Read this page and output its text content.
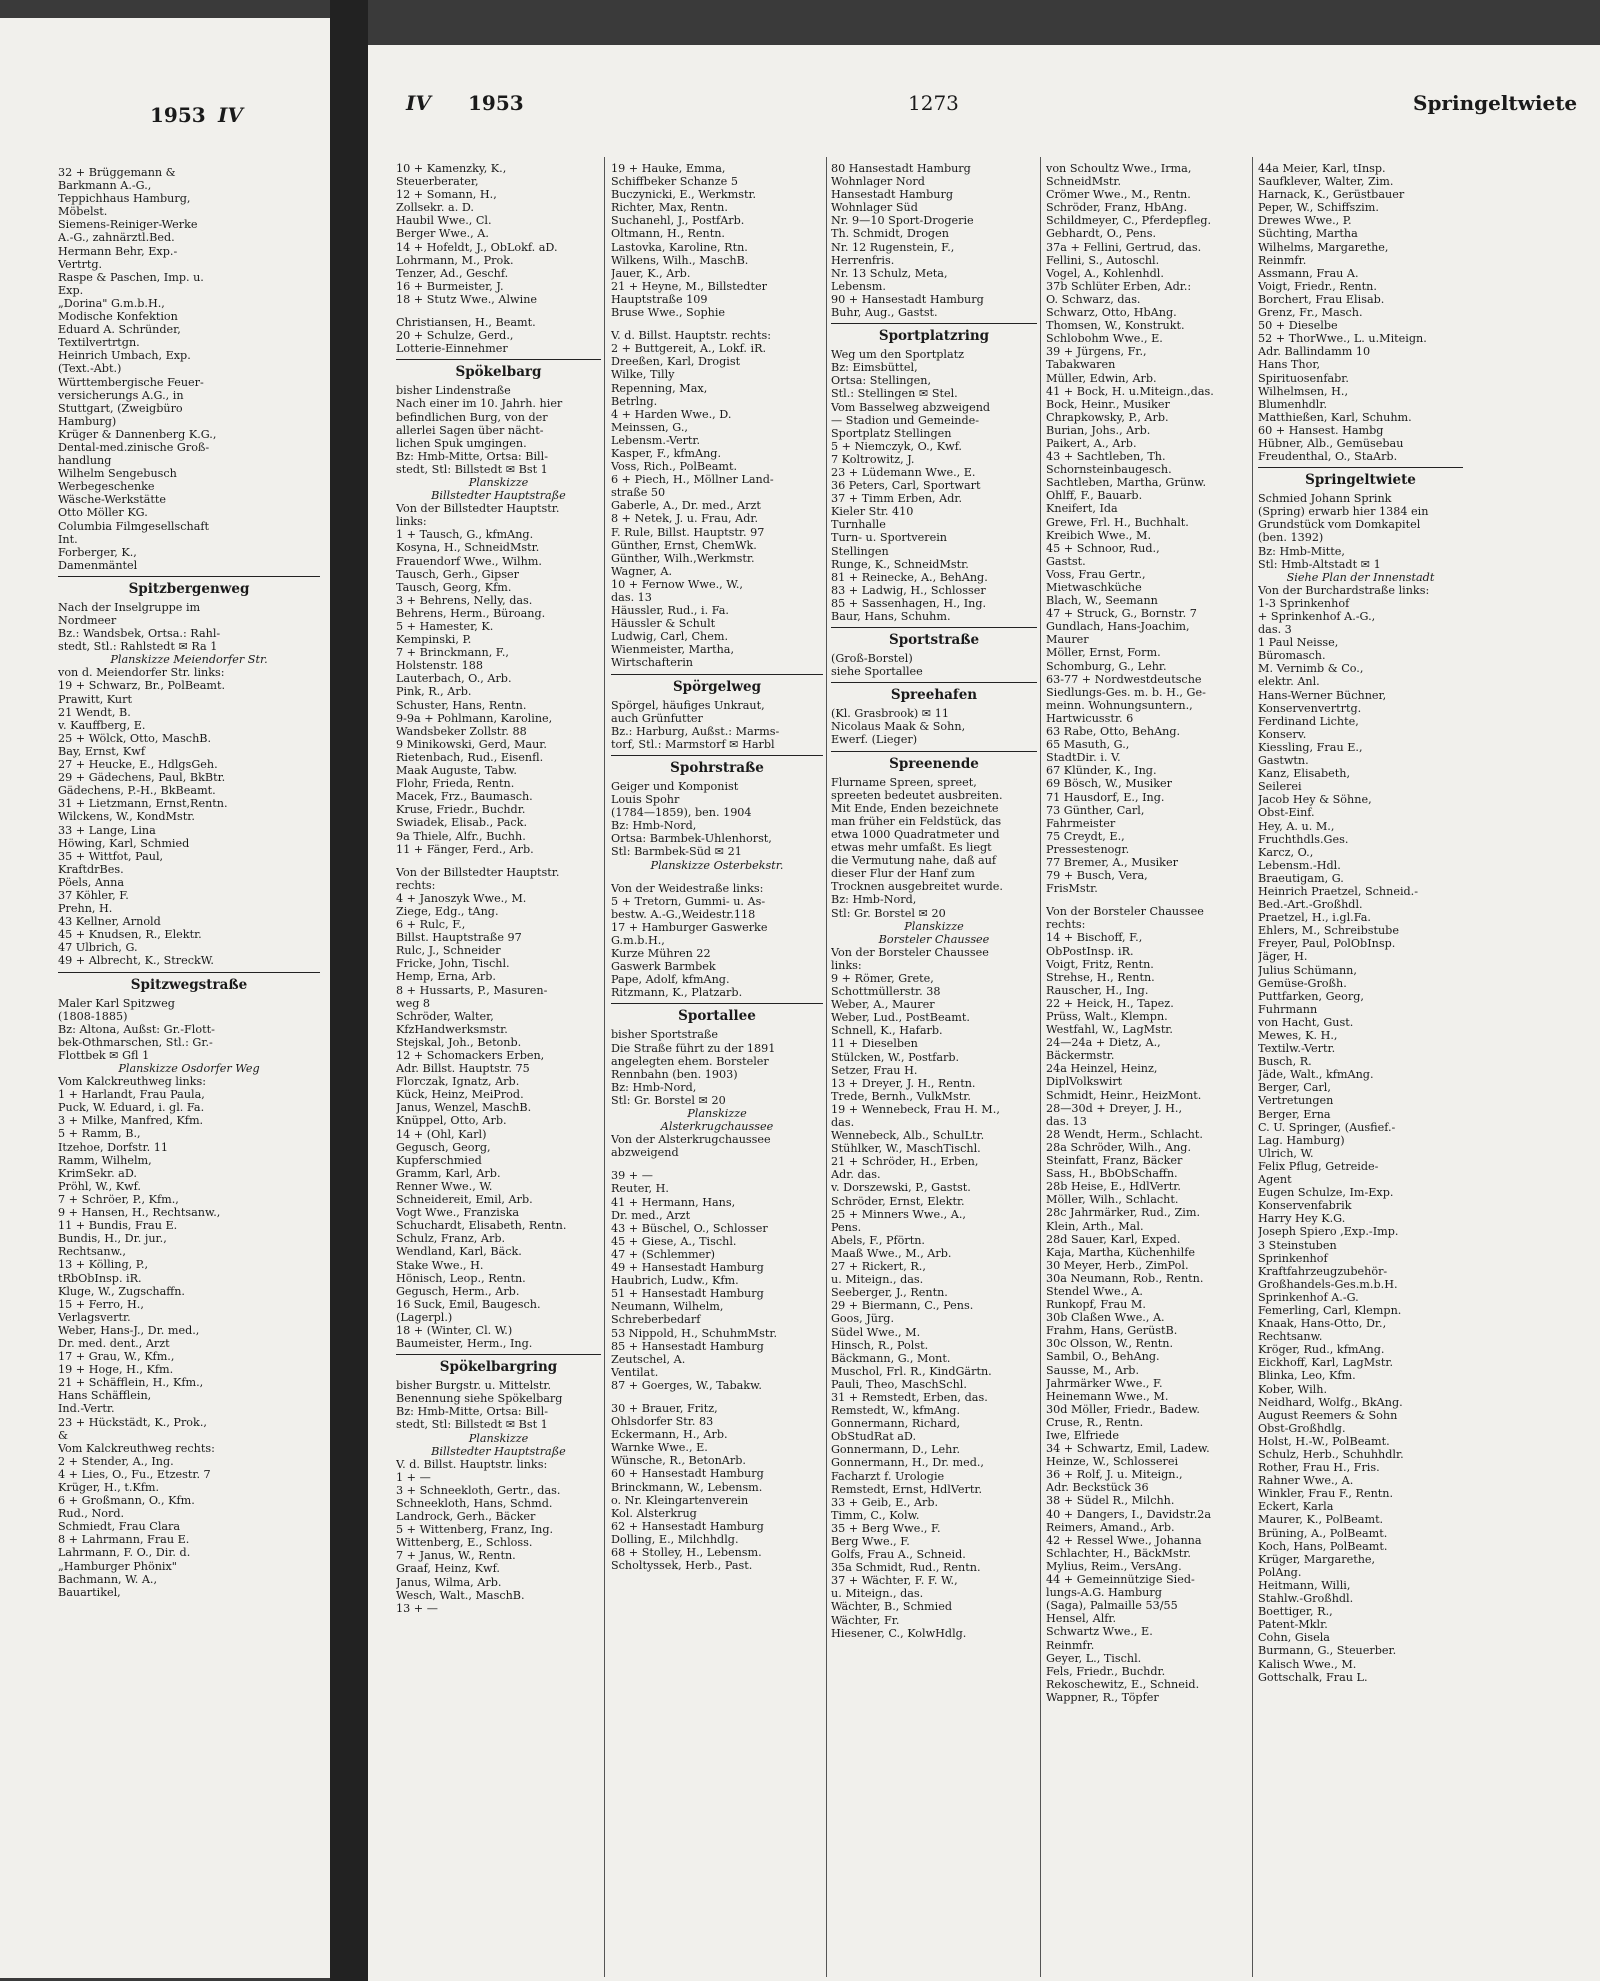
1953 IV
32 + Brüggemann &
Barkmann A.-G.,
Teppichhaus Hamburg,
Möbelst.
Siemens-Reiniger-Werke
A.-G., zahnärztl.Bed.
Hermann Behr, Exp.-
Vertrtg.
Raspe & Paschen, Imp. u.
Exp.
„Dorina" G.m.b.H.,
Modische Konfektion
Eduard A. Schründer,
Textilvertrtgn.
Heinrich Umbach, Exp.
(Text.-Abt.)
Württembergische Feuer-
versicherungs A.G., in
Stuttgart, (Zweigbüro
Hamburg)
Krüger & Dannenberg K.G.,
Dental-med.zinische Groß-
handlung
Wilhelm Sengebusch
Werbegeschenke
Wäsche-Werkstätte
Otto Möller KG.
Columbia Filmgesellschaft
Int.
Forberger, K.,
Damenmäntel
Spitzbergenweg
Nach der Inselgruppe im
Nordmeer
Bz.: Wandsbek, Ortsa.: Rahl-
stedt, Stl.: Rahlstedt ✉ Ra 1
Planskizze Meiendorfer Str.
von d. Meiendorfer Str. links:
19 + Schwarz, Br., PolBeamt.
Prawitt, Kurt
21 Wendt, B.
v. Kauffberg, E.
25 + Wölck, Otto, MaschB.
Bay, Ernst, Kwf
27 + Heucke, E., HdlgsGeh.
29 + Gädechens, Paul, BkBtr.
Gädechens, P.-H., BkBeamt.
31 + Lietzmann, Ernst,Rentn.
Wilckens, W., KondMstr.
33 + Lange, Lina
Höwing, Karl, Schmied
35 + Wittfot, Paul,
KraftdrBes.
Pöels, Anna
37 Köhler, F.
Prehn, H.
43 Kellner, Arnold
45 + Knudsen, R., Elektr.
47 Ulbrich, G.
49 + Albrecht, K., StreckW.
Spitzwegstraße
Maler Karl Spitzweg
(1808-1885)
Bz: Altona, Außst: Gr.-Flott-
bek-Othmarschen, Stl.: Gr.-
Flottbek ✉ Gfl 1
Planskizze Osdorfer Weg
Vom Kalckreuthweg links:
1 + Harlandt, Frau Paula,
Puck, W. Eduard, i. gl. Fa.
3 + Milke, Manfred, Kfm.
5 + Ramm, B.,
Itzehoe, Dorfstr. 11
Ramm, Wilhelm,
KrimSekr. aD.
Pröhl, W., Kwf.
7 + Schröer, P., Kfm.,
9 + Hansen, H., Rechtsanw.,
11 + Bundis, Frau E.
Bundis, H., Dr. jur.,
Rechtsanw.,
13 + Kölling, P.,
tRbObInsp. iR.
Kluge, W., Zugschaffn.
15 + Ferro, H.,
Verlagsvertr.
Weber, Hans-J., Dr. med.,
Dr. med. dent., Arzt
17 + Grau, W., Kfm.,
19 + Hoge, H., Kfm.
21 + Schäfflein, H., Kfm.,
Hans Schäfflein,
Ind.-Vertr.
23 + Hückstädt, K., Prok.,
&
Vom Kalckreuthweg rechts:
2 + Stender, A., Ing.
4 + Lies, O., Fu., Etzestr. 7
Krüger, H., t.Kfm.
6 + Großmann, O., Kfm.
Rud., Nord.
Schmiedt, Frau Clara
8 + Lahrmann, Frau E.
Lahrmann, F. O., Dir. d.
„Hamburger Phönix"
Bachmann, W. A.,
Bauartikel,
IV 1953	1273	Springeltwiete
10 + Kamenzky, K.,
Steuerberater,
12 + Somann, H.,
Zollsekr. a. D.
Haubil Wwe., Cl.
Berger Wwe., A.
14 + Hofeldt, J., ObLokf. aD.
Lohrmann, M., Prok.
Tenzer, Ad., Geschf.
16 + Burmeister, J.
18 + Stutz Wwe., Alwine
Christiansen, H., Beamt.
20 + Schulze, Gerd.,
Lotterie-Einnehmer
Spökelbarg
bisher Lindenstraße
Nach einer im 10. Jahrh. hier
befindlichen Burg, von der
allerlei Sagen über nächt-
lichen Spuk umgingen.
Bz: Hmb-Mitte, Ortsa: Bill-
stedt, Stl: Billstedt ✉ Bst 1
Planskizze
Billstedter Hauptstraße
Von der Billstedter Hauptstr.
links:
1 + Tausch, G., kfmAng.
Kosyna, H., SchneidMstr.
Frauendorf Wwe., Wilhm.
Tausch, Gerh., Gipser
Tausch, Georg, Kfm.
3 + Behrens, Nelly, das.
Behrens, Herm., Büroang.
5 + Hamester, K.
Kempinski, P.
7 + Brinckmann, F.,
Holstenstr. 188
Lauterbach, O., Arb.
Pink, R., Arb.
Schuster, Hans, Rentn.
9-9a + Pohlmann, Karoline,
Wandsbeker Zollstr. 88
9 Minikowski, Gerd, Maur.
Rietenbach, Rud., Eisenfl.
Maak Auguste, Tabw.
Flohr, Frieda, Rentn.
Macek, Frz., Baumasch.
Kruse, Friedr., Buchdr.
Swiadek, Elisab., Pack.
9a Thiele, Alfr., Buchh.
11 + Fänger, Ferd., Arb.
Von der Billstedter Hauptstr.
rechts:
4 + Janoszyk Wwe., M.
Ziege, Edg., tAng.
6 + Rulc, F.,
Billst. Hauptstraße 97
Rulc, J., Schneider
Fricke, John, Tischl.
Hemp, Erna, Arb.
8 + Hussarts, P., Masuren-
weg 8
Schröder, Walter,
KfzHandwerksmstr.
Stejskal, Joh., Betonb.
12 + Schomackers Erben,
Adr. Billst. Hauptstr. 75
Florczak, Ignatz, Arb.
Kück, Heinz, MeiProd.
Janus, Wenzel, MaschB.
Knüppel, Otto, Arb.
14 + (Ohl, Karl)
Gegusch, Georg,
Kupferschmied
Gramm, Karl, Arb.
Renner Wwe., W.
Schneidereit, Emil, Arb.
Vogt Wwe., Franziska
Schuchardt, Elisabeth, Rentn.
Schulz, Franz, Arb.
Wendland, Karl, Bäck.
Stake Wwe., H.
Hönisch, Leop., Rentn.
Gegusch, Herm., Arb.
16 Suck, Emil, Baugesch.
(Lagerpl.)
18 + (Winter, Cl. W.)
Baumeister, Herm., Ing.
Spökelbargring
bisher Burgstr. u. Mittelstr.
Benennung siehe Spökelbarg
Bz: Hmb-Mitte, Ortsa: Bill-
stedt, Stl: Billstedt ✉ Bst 1
Planskizze
Billstedter Hauptstraße
V. d. Billst. Hauptstr. links:
1 + —
3 + Schneekloth, Gertr., das.
Schneekloth, Hans, Schmd.
Landrock, Gerh., Bäcker
5 + Wittenberg, Franz, Ing.
Wittenberg, E., Schloss.
7 + Janus, W., Rentn.
Graaf, Heinz, Kwf.
Janus, Wilma, Arb.
Wesch, Walt., MaschB.
13 + —
19 + Hauke, Emma,
Schiffbeker Schanze 5
Buczynicki, E., Werkmstr.
Richter, Max, Rentn.
Suchanehl, J., PostfArb.
Oltmann, H., Rentn.
Lastovka, Karoline, Rtn.
Wilkens, Wilh., MaschB.
Jauer, K., Arb.
21 + Heyne, M., Billstedter
Hauptstraße 109
Bruse Wwe., Sophie
V. d. Billst. Hauptstr. rechts:
2 + Buttgereit, A., Lokf. iR.
Dreeßen, Karl, Drogist
Wilke, Tilly
Repenning, Max,
Betrlng.
4 + Harden Wwe., D.
Meinssen, G.,
Lebensm.-Vertr.
Kasper, F., kfmAng.
Voss, Rich., PolBeamt.
6 + Piech, H., Möllner Land-
straße 50
Gaberle, A., Dr. med., Arzt
8 + Netek, J. u. Frau, Adr.
F. Rule, Billst. Hauptstr. 97
Günther, Ernst, ChemWk.
Günther, Wilh.,Werkmstr.
Wagner, A.
10 + Fernow Wwe., W.,
das. 13
Häussler, Rud., i. Fa.
Häussler & Schult
Ludwig, Carl, Chem.
Wienmeister, Martha,
Wirtschafterin
Spörgelweg
Spörgel, häufiges Unkraut,
auch Grünfutter
Bz.: Harburg, Außst.: Marms-
torf, Stl.: Marmstorf ✉ Harbl
Spohrstraße
Geiger und Komponist
Louis Spohr
(1784—1859), ben. 1904
Bz: Hmb-Nord,
Ortsa: Barmbek-Uhlenhorst,
Stl: Barmbek-Süd ✉ 21
Planskizze Osterbekstr.
Von der Weidestraße links:
5 + Tretorn, Gummi- u. As-
bestw. A.-G.,Weidestr.118
17 + Hamburger Gaswerke
G.m.b.H.,
Kurze Mühren 22
Gaswerk Barmbek
Pape, Adolf, kfmAng.
Ritzmann, K., Platzarb.
Sportallee
bisher Sportstraße
Die Straße führt zu der 1891
angelegten ehem. Borsteler
Rennbahn (ben. 1903)
Bz: Hmb-Nord,
Stl: Gr. Borstel ✉ 20
Planskizze
Alsterkrugchaussee
Von der Alsterkrugchaussee
abzweigend
39 + —
Reuter, H.
41 + Hermann, Hans,
Dr. med., Arzt
43 + Büschel, O., Schlosser
45 + Giese, A., Tischl.
47 + (Schlemmer)
49 + Hansestadt Hamburg
Haubrich, Ludw., Kfm.
51 + Hansestadt Hamburg
Neumann, Wilhelm,
Schreberbedarf
53 Nippold, H., SchuhmMstr.
85 + Hansestadt Hamburg
Zeutschel, A.
Ventilat.
87 + Goerges, W., Tabakw.
30 + Brauer, Fritz,
Ohlsdorfer Str. 83
Eckermann, H., Arb.
Warnke Wwe., E.
Wünsche, R., BetonArb.
60 + Hansestadt Hamburg
Brinckmann, W., Lebensm.
o. Nr. Kleingartenverein
Kol. Alsterkrug
62 + Hansestadt Hamburg
Dolling, E., Milchhdlg.
68 + Stolley, H., Lebensm.
Scholtyssek, Herb., Past.
80 Hansestadt Hamburg
Wohnlager Nord
Hansestadt Hamburg
Wohnlager Süd
Nr. 9—10 Sport-Drogerie
Th. Schmidt, Drogen
Nr. 12 Rugenstein, F.,
Herrenfris.
Nr. 13 Schulz, Meta,
Lebensm.
90 + Hansestadt Hamburg
Buhr, Aug., Gastst.
Sportplatzring
Weg um den Sportplatz
Bz: Eimsbüttel,
Ortsa: Stellingen,
Stl.: Stellingen ✉ Stel.
Vom Basselweg abzweigend
— Stadion und Gemeinde-
Sportplatz Stellingen
5 + Niemczyk, O., Kwf.
7 Koltrowitz, J.
23 + Lüdemann Wwe., E.
36 Peters, Carl, Sportwart
37 + Timm Erben, Adr.
Kieler Str. 410
Turnhalle
Turn- u. Sportverein
Stellingen
Runge, K., SchneidMstr.
81 + Reinecke, A., BehAng.
83 + Ladwig, H., Schlosser
85 + Sassenhagen, H., Ing.
Baur, Hans, Schuhm.
Sportstraße
(Groß-Borstel)
siehe Sportallee
Spreehafen
(Kl. Grasbrook) ✉ 11
Nicolaus Maak & Sohn,
Ewerf. (Lieger)
Spreenende
Flurname Spreen, spreet,
spreeten bedeutet ausbreiten.
Mit Ende, Enden bezeichnete
man früher ein Feldstück, das
etwa 1000 Quadratmeter und
etwas mehr umfaßt. Es liegt
die Vermutung nahe, daß auf
dieser Flur der Hanf zum
Trocknen ausgebreitet wurde.
Bz: Hmb-Nord,
Stl: Gr. Borstel ✉ 20
Planskizze
Borsteler Chaussee
Von der Borsteler Chaussee
links:
9 + Römer, Grete,
Schottmüllerstr. 38
Weber, A., Maurer
Weber, Lud., PostBeamt.
Schnell, K., Hafarb.
11 + Dieselben
Stülcken, W., Postfarb.
Setzer, Frau H.
13 + Dreyer, J. H., Rentn.
Trede, Bernh., VulkMstr.
19 + Wennebeck, Frau H. M.,
das.
Wennebeck, Alb., SchulLtr.
Stühlker, W., MaschTischl.
21 + Schröder, H., Erben,
Adr. das.
v. Dorszewski, P., Gastst.
Schröder, Ernst, Elektr.
25 + Minners Wwe., A.,
Pens.
Abels, F., Pförtn.
Maaß Wwe., M., Arb.
27 + Rickert, R.,
u. Miteign., das.
Seeberger, J., Rentn.
29 + Biermann, C., Pens.
Goos, Jürg.
Südel Wwe., M.
Hinsch, R., Polst.
Bäckmann, G., Mont.
Muschol, Frl. R., KindGärtn.
Pauli, Theo, MaschSchl.
31 + Remstedt, Erben, das.
Remstedt, W., kfmAng.
Gonnermann, Richard,
ObStudRat aD.
Gonnermann, D., Lehr.
Gonnermann, H., Dr. med.,
Facharzt f. Urologie
Remstedt, Ernst, HdlVertr.
33 + Geib, E., Arb.
Timm, C., Kolw.
35 + Berg Wwe., F.
Berg Wwe., F.
Golfs, Frau A., Schneid.
35a Schmidt, Rud., Rentn.
37 + Wächter, F. F. W.,
u. Miteign., das.
Wächter, B., Schmied
Wächter, Fr.
Hiesener, C., KolwHdlg.
von Schoultz Wwe., Irma,
SchneidMstr.
Crömer Wwe., M., Rentn.
Schröder, Franz, HbAng.
Schildmeyer, C., Pferdepfleg.
Gebhardt, O., Pens.
37a + Fellini, Gertrud, das.
Fellini, S., Autoschl.
Vogel, A., Kohlenhdl.
37b Schlüter Erben, Adr.:
O. Schwarz, das.
Schwarz, Otto, HbAng.
Thomsen, W., Konstrukt.
Schlobohm Wwe., E.
39 + Jürgens, Fr.,
Tabakwaren
Müller, Edwin, Arb.
41 + Bock, H. u.Miteign.,das.
Bock, Heinr., Musiker
Chrapkowsky, P., Arb.
Burian, Johs., Arb.
Paikert, A., Arb.
43 + Sachtleben, Th.
Schornsteinbaugesch.
Sachtleben, Martha, Grünw.
Ohlff, F., Bauarb.
Kneifert, Ida
Grewe, Frl. H., Buchhalt.
Kreibich Wwe., M.
45 + Schnoor, Rud.,
Gastst.
Voss, Frau Gertr.,
Mietwaschküche
Blach, W., Seemann
47 + Struck, G., Bornstr. 7
Gundlach, Hans-Joachim,
Maurer
Möller, Ernst, Form.
Schomburg, G., Lehr.
63-77 + Nordwestdeutsche
Siedlungs-Ges. m. b. H., Ge-
meinn. Wohnungsuntern.,
Hartwicusstr. 6
63 Rabe, Otto, BehAng.
65 Masuth, G.,
StadtDir. i. V.
67 Klünder, K., Ing.
69 Bösch, W., Musiker
71 Hausdorf, E., Ing.
73 Günther, Carl,
Fahrmeister
75 Creydt, E.,
Pressestenogr.
77 Bremer, A., Musiker
79 + Busch, Vera,
FrisMstr.
Von der Borsteler Chaussee
rechts:
14 + Bischoff, F.,
ObPostInsp. iR.
Voigt, Fritz, Rentn.
Strehse, H., Rentn.
Rauscher, H., Ing.
22 + Heick, H., Tapez.
Prüss, Walt., Klempn.
Westfahl, W., LagMstr.
24—24a + Dietz, A.,
Bäckermstr.
24a Heinzel, Heinz,
DiplVolkswirt
Schmidt, Heinr., HeizMont.
28—30d + Dreyer, J. H.,
das. 13
28 Wendt, Herm., Schlacht.
28a Schröder, Wilh., Ang.
Steinfatt, Franz, Bäcker
Sass, H., BbObSchaffn.
28b Heise, E., HdlVertr.
Möller, Wilh., Schlacht.
28c Jahrmärker, Rud., Zim.
Klein, Arth., Mal.
28d Sauer, Karl, Exped.
Kaja, Martha, Küchenhilfe
30 Meyer, Herb., ZimPol.
30a Neumann, Rob., Rentn.
Stendel Wwe., A.
Runkopf, Frau M.
30b Claßen Wwe., A.
Frahm, Hans, GerüstB.
30c Olsson, W., Rentn.
Sambil, O., BehAng.
Sausse, M., Arb.
Jahrmärker Wwe., F.
Heinemann Wwe., M.
30d Möller, Friedr., Badew.
Cruse, R., Rentn.
Iwe, Elfriede
34 + Schwartz, Emil, Ladew.
Heinze, W., Schlosserei
36 + Rolf, J. u. Miteign.,
Adr. Beckstück 36
38 + Südel R., Milchh.
40 + Dangers, I., Davidstr.2a
Reimers, Amand., Arb.
42 + Ressel Wwe., Johanna
Schlachter, H., BäckMstr.
Mylius, Reim., VersAng.
44 + Gemeinnützige Sied-
lungs-A.G. Hamburg
(Saga), Palmaille 53/55
Hensel, Alfr.
Schwartz Wwe., E.
Reinmfr.
Geyer, L., Tischl.
Fels, Friedr., Buchdr.
Rekoschewitz, E., Schneid.
Wappner, R., Töpfer
44a Meier, Karl, tInsp.
Saufklever, Walter, Zim.
Harnack, K., Gerüstbauer
Peper, W., Schiffszim.
Drewes Wwe., P.
Süchting, Martha
Wilhelms, Margarethe,
Reinmfr.
Assmann, Frau A.
Voigt, Friedr., Rentn.
Borchert, Frau Elisab.
Grenz, Fr., Masch.
50 + Dieselbe
52 + ThorWwe., L. u.Miteign.
Adr. Ballindamm 10
Hans Thor,
Spirituosenfabr.
Wilhelmsen, H.,
Blumenhdlr.
Matthießen, Karl, Schuhm.
60 + Hansest. Hambg
Hübner, Alb., Gemüsebau
Freudenthal, O., StaArb.
Springeltwiete
Schmied Johann Sprink
(Spring) erwarb hier 1384 ein
Grundstück vom Domkapitel
(ben. 1392)
Bz: Hmb-Mitte,
Stl: Hmb-Altstadt ✉ 1
Siehe Plan der Innenstadt
Von der Burchardstraße links:
1-3 Sprinkenhof
+ Sprinkenhof A.-G.,
das. 3
1 Paul Neisse,
Büromasch.
M. Vernimb & Co.,
elektr. Anl.
Hans-Werner Büchner,
Konservenvertrtg.
Ferdinand Lichte,
Konserv.
Kiessling, Frau E.,
Gastwtn.
Kanz, Elisabeth,
Seilerei
Jacob Hey & Söhne,
Obst-Einf.
Hey, A. u. M.,
Fruchthdls.Ges.
Karcz, O.,
Lebensm.-Hdl.
Braeutigam, G.
Heinrich Praetzel, Schneid.-
Bed.-Art.-Großhdl.
Praetzel, H., i.gl.Fa.
Ehlers, M., Schreibstube
Freyer, Paul, PolObInsp.
Jäger, H.
Julius Schümann,
Gemüse-Großh.
Puttfarken, Georg,
Fuhrmann
von Hacht, Gust.
Mewes, K. H.,
Textilw.-Vertr.
Busch, R.
Jäde, Walt., kfmAng.
Berger, Carl,
Vertretungen
Berger, Erna
C. U. Springer, (Ausfief.-
Lag. Hamburg)
Ulrich, W.
Felix Pflug, Getreide-
Agent
Eugen Schulze, Im-Exp.
Konservenfabrik
Harry Hey K.G.
Joseph Spiero ,Exp.-Imp.
3 Steinstuben
Sprinkenhof
Kraftfahrzeugzubehör-
Großhandels-Ges.m.b.H.
Sprinkenhof A.-G.
Femerling, Carl, Klempn.
Knaak, Hans-Otto, Dr.,
Rechtsanw.
Kröger, Rud., kfmAng.
Eickhoff, Karl, LagMstr.
Blinka, Leo, Kfm.
Kober, Wilh.
Neidhard, Wolfg., BkAng.
August Reemers & Sohn
Obst-Großhdlg.
Holst, H.-W., PolBeamt.
Schulz, Herb., Schuhhdlr.
Rother, Frau H., Fris.
Rahner Wwe., A.
Winkler, Frau F., Rentn.
Eckert, Karla
Maurer, K., PolBeamt.
Brüning, A., PolBeamt.
Koch, Hans, PolBeamt.
Krüger, Margarethe,
PolAng.
Heitmann, Willi,
Stahlw.-Großhdl.
Boettiger, R.,
Patent-Mklr.
Cohn, Gisela
Burmann, G., Steuerber.
Kalisch Wwe., M.
Gottschalk, Frau L.
